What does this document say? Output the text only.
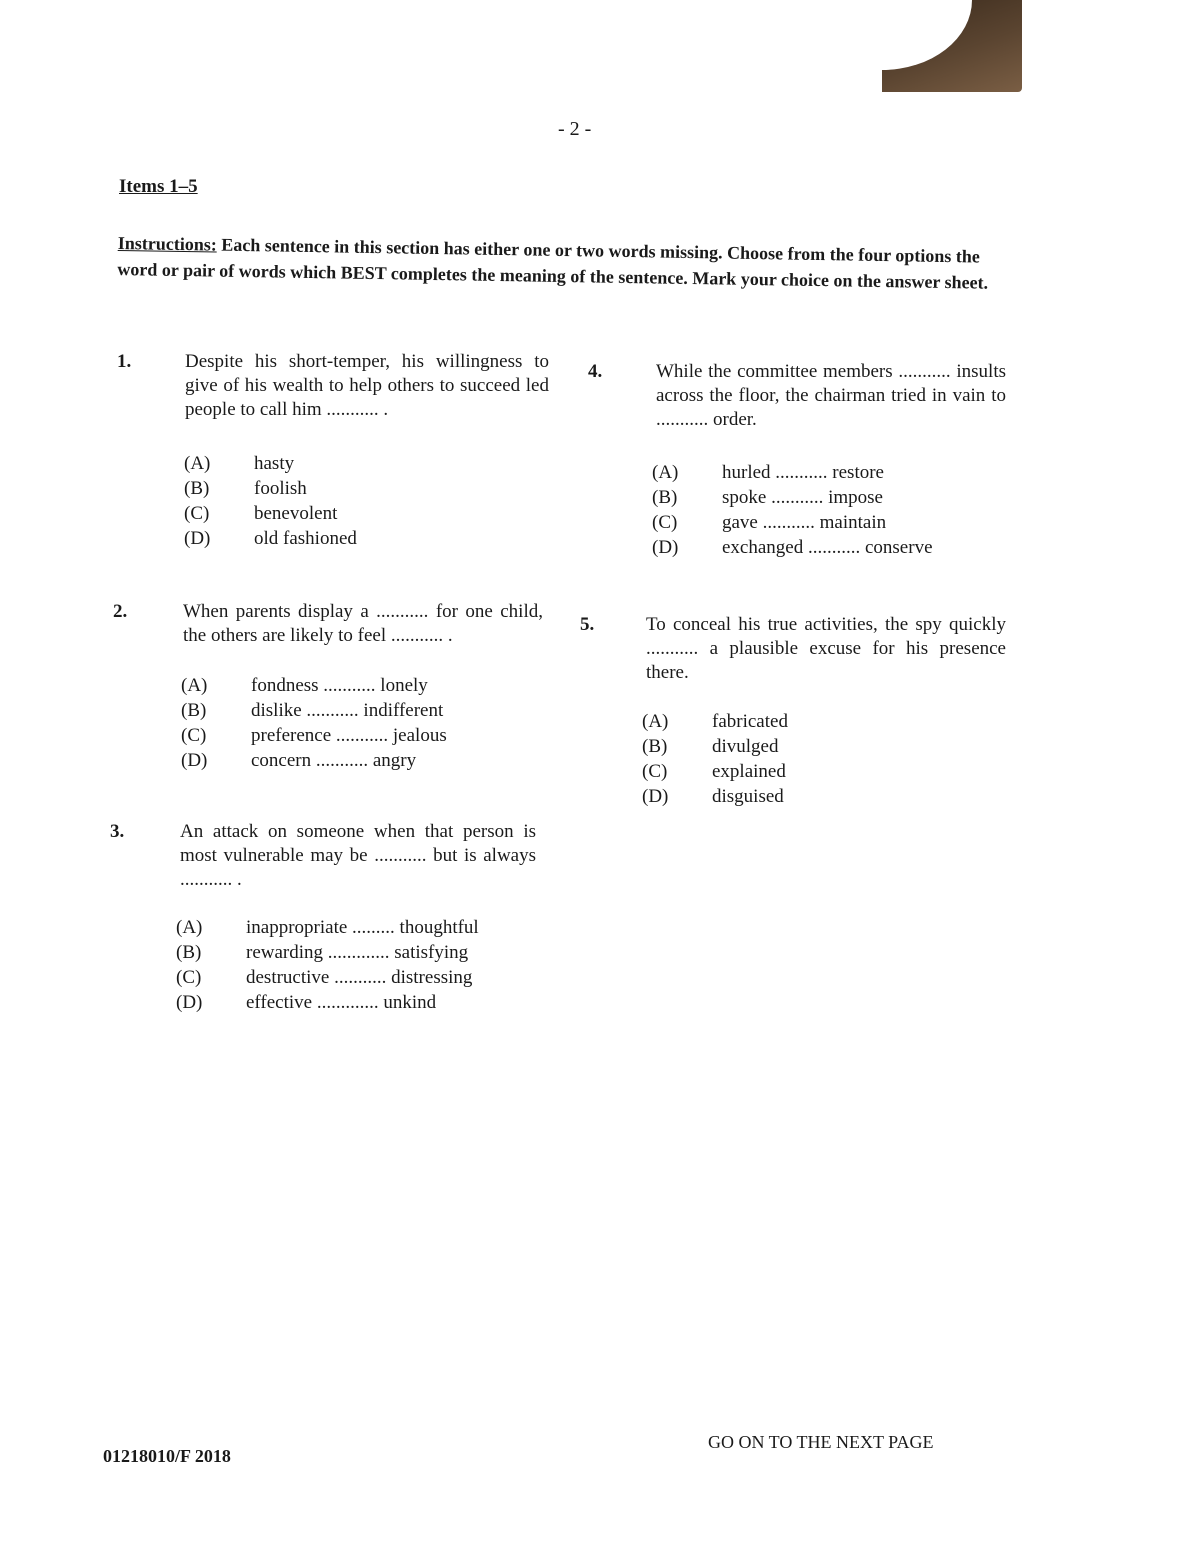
- 2 -
Items 1–5
Instructions: Each sentence in this section has either one or two words missing. Choose from the four options the word or pair of words which BEST completes the meaning of the sentence. Mark your choice on the answer sheet.
1.	Despite his short-temper, his willingness to give of his wealth to help others to succeed led people to call him ........... .
(A)	hasty
(B)	foolish
(C)	benevolent
(D)	old fashioned
2.	When parents display a ........... for one child, the others are likely to feel ........... .
(A)	fondness ........... lonely
(B)	dislike ........... indifferent
(C)	preference ........... jealous
(D)	concern ........... angry
3.	An attack on someone when that person is most vulnerable may be ........... but is always ........... .
(A)	inappropriate ......... thoughtful
(B)	rewarding ............. satisfying
(C)	destructive ........... distressing
(D)	effective ............. unkind
4.	While the committee members ........... insults across the floor, the chairman tried in vain to ........... order.
(A)	hurled ........... restore
(B)	spoke ........... impose
(C)	gave ........... maintain
(D)	exchanged ........... conserve
5.	To conceal his true activities, the spy quickly ........... a plausible excuse for his presence there.
(A)	fabricated
(B)	divulged
(C)	explained
(D)	disguised
GO ON TO THE NEXT PAGE
01218010/F 2018
